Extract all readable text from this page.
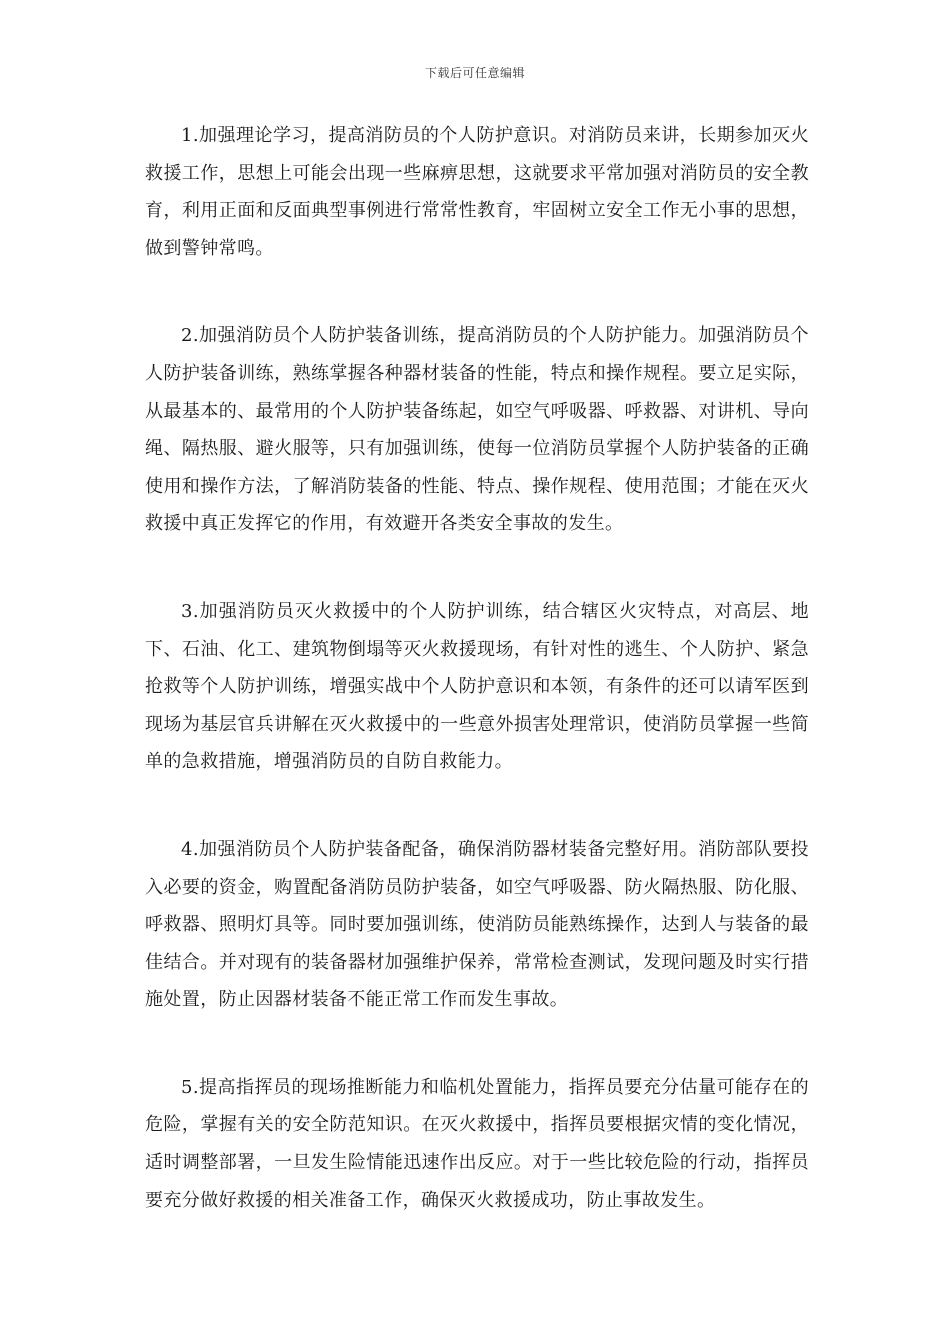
下载后可任意编辑

1.加强理论学习，提高消防员的个人防护意识。对消防员来讲，长期参加灭火救援工作，思想上可能会出现一些麻痹思想，这就要求平常加强对消防员的安全教育，利用正面和反面典型事例进行常常性教育，牢固树立安全工作无小事的思想，做到警钟常鸣。

2.加强消防员个人防护装备训练，提高消防员的个人防护能力。加强消防员个人防护装备训练，熟练掌握各种器材装备的性能，特点和操作规程。要立足实际，从最基本的、最常用的个人防护装备练起，如空气呼吸器、呼救器、对讲机、导向绳、隔热服、避火服等，只有加强训练，使每一位消防员掌握个人防护装备的正确使用和操作方法，了解消防装备的性能、特点、操作规程、使用范围；才能在灭火救援中真正发挥它的作用，有效避开各类安全事故的发生。

3.加强消防员灭火救援中的个人防护训练，结合辖区火灾特点，对高层、地下、石油、化工、建筑物倒塌等灭火救援现场，有针对性的逃生、个人防护、紧急抢救等个人防护训练，增强实战中个人防护意识和本领，有条件的还可以请军医到现场为基层官兵讲解在灭火救援中的一些意外损害处理常识，使消防员掌握一些简单的急救措施，增强消防员的自防自救能力。

4.加强消防员个人防护装备配备，确保消防器材装备完整好用。消防部队要投入必要的资金，购置配备消防员防护装备，如空气呼吸器、防火隔热服、防化服、呼救器、照明灯具等。同时要加强训练，使消防员能熟练操作，达到人与装备的最佳结合。并对现有的装备器材加强维护保养，常常检查测试，发现问题及时实行措施处置，防止因器材装备不能正常工作而发生事故。

5.提高指挥员的现场推断能力和临机处置能力，指挥员要充分估量可能存在的危险，掌握有关的安全防范知识。在灭火救援中，指挥员要根据灾情的变化情况，适时调整部署，一旦发生险情能迅速作出反应。对于一些比较危险的行动，指挥员要充分做好救援的相关准备工作，确保灭火救援成功，防止事故发生。
